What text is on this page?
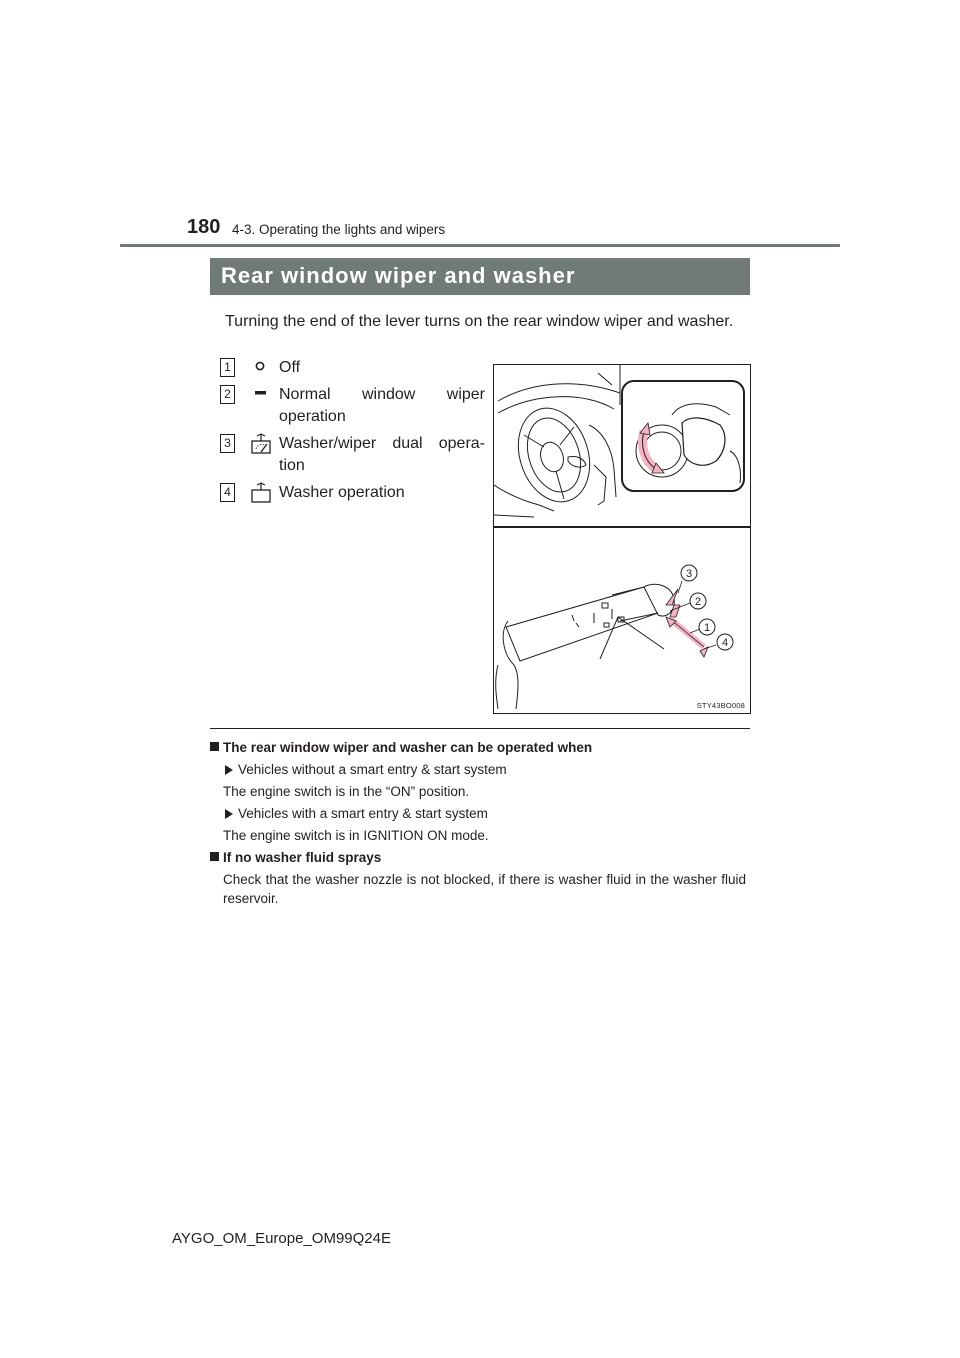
180 4-3. Operating the lights and wipers
Rear window wiper and washer
Turning the end of the lever turns on the rear window wiper and washer.
1	Off
2	Normal window wiper operation
3	Washer/wiper dual opera-tion
4	Washer operation
3
2
1
4
STY43BO008
The rear window wiper and washer can be operated when
Vehicles without a smart entry & start system
The engine switch is in the “ON” position.
Vehicles with a smart entry & start system
The engine switch is in IGNITION ON mode.
If no washer fluid sprays
Check that the washer nozzle is not blocked, if there is washer fluid in the washer fluid reservoir.
AYGO_OM_Europe_OM99Q24E
